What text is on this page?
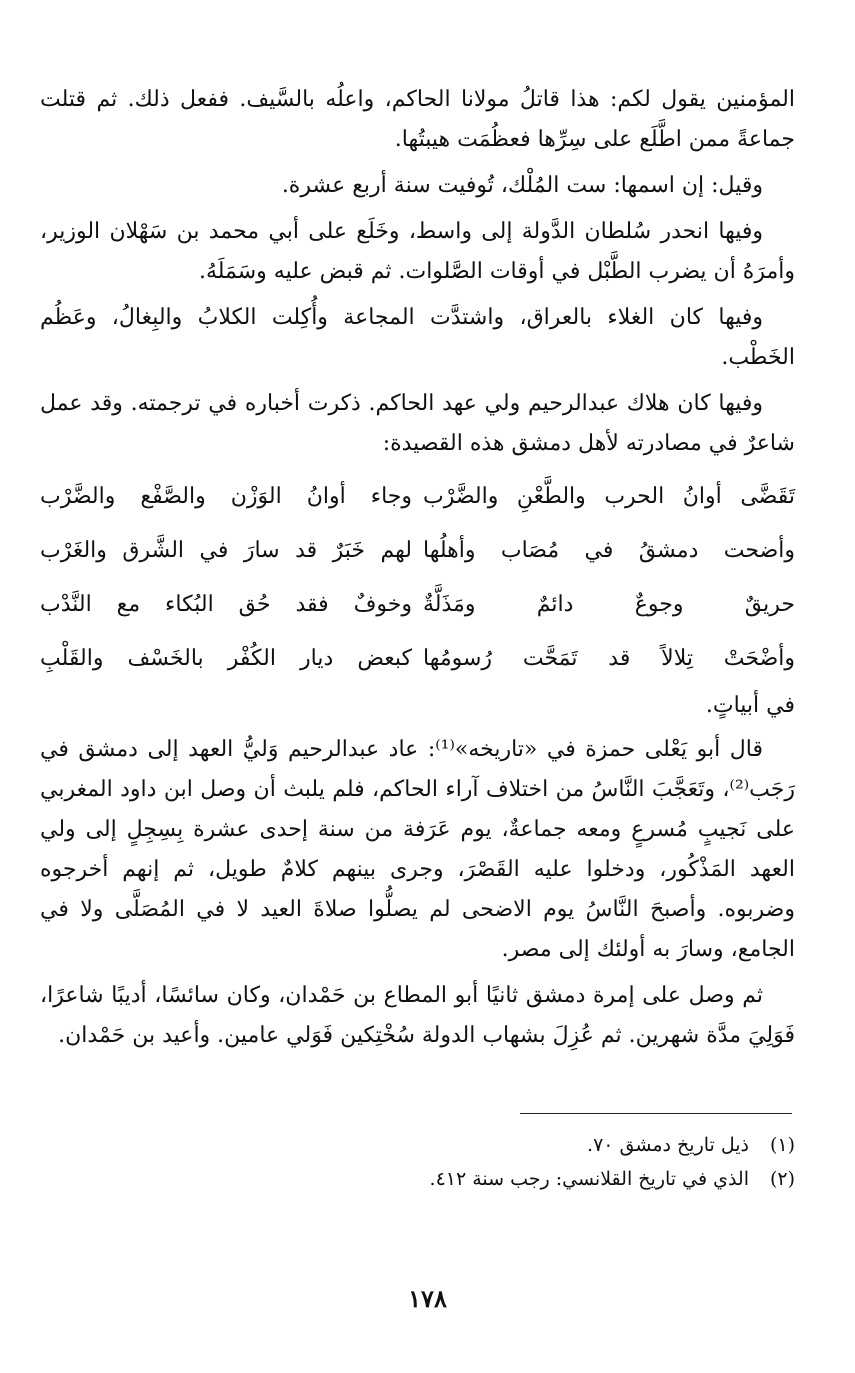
المؤمنين يقول لكم: هذا قاتلُ مولانا الحاكم، واعلُه بالسَّيف. ففعل ذلك. ثم قتلت جماعةً ممن اطَّلَع على سِرِّها فعظُمَت هيبتُها.

وقيل: إن اسمها: ست المُلْك، تُوفيت سنة أربع عشرة.

وفيها انحدر سُلطان الدَّولة إلى واسط، وخَلَع على أبي محمد بن سَهْلان الوزير، وأمرَهُ أن يضرب الطَّبْل في أوقات الصَّلوات. ثم قبض عليه وسَمَلَهُ.

وفيها كان الغلاء بالعراق، واشتدَّت المجاعة وأُكِلت الكلابُ والبِغالُ، وعَظُم الخَطْب.

وفيها كان هلاك عبدالرحيم ولي عهد الحاكم. ذكرت أخباره في ترجمته. وقد عمل شاعرٌ في مصادرته لأهل دمشق هذه القصيدة:

تَقَضَّى أوانُ الحرب والطَّعْنِ والضَّرْب
وجاء أوانُ الوَزْن والصَّفْع والضَّرْب
وأضحت دمشقُ في مُصَاب وأهلُها
لهم خَبَرٌ قد سارَ في الشَّرق والغَرْب
حريقٌ وجوعٌ دائمٌ ومَذَلَّةٌ
وخوفٌ فقد حُق البُكاء مع النَّدْب
وأضْحَتْ تِلالاً قد تَمَحَّت رُسومُها
كبعض ديار الكُفْر بالخَسْف والقَلْبِ

في أبياتٍ.

قال أبو يَعْلى حمزة في «تاريخه»⁽¹⁾: عاد عبدالرحيم وَليُّ العهد إلى دمشق في رَجَب⁽²⁾، وتَعَجَّبَ النَّاسُ من اختلاف آراء الحاكم، فلم يلبث أن وصل ابن داود المغربي على نَجيبٍ مُسرعٍ ومعه جماعةٌ، يوم عَرَفة من سنة إحدى عشرة بِسِجِلٍ إلى ولي العهد المَذْكُور، ودخلوا عليه القَصْرَ، وجرى بينهم كلامٌ طويل، ثم إنهم أخرجوه وضربوه. وأصبحَ النَّاسُ يوم الاضحى لم يصلُّوا صلاةَ العيد لا في المُصَلَّى ولا في الجامع، وسارَ به أولئك إلى مصر.

ثم وصل على إمرة دمشق ثانيًا أبو المطاع بن حَمْدان، وكان سائسًا، أديبًا شاعرًا، فَوَلِيَ مدَّة شهرين. ثم عُزِلَ بشهاب الدولة سُخْتِكين فَوَلي عامين. وأعيد بن حَمْدان.

(١)
ذيل تاريخ دمشق ٧٠.
(٢)
الذي في تاريخ القلانسي: رجب سنة ٤١٢.
١٧٨
